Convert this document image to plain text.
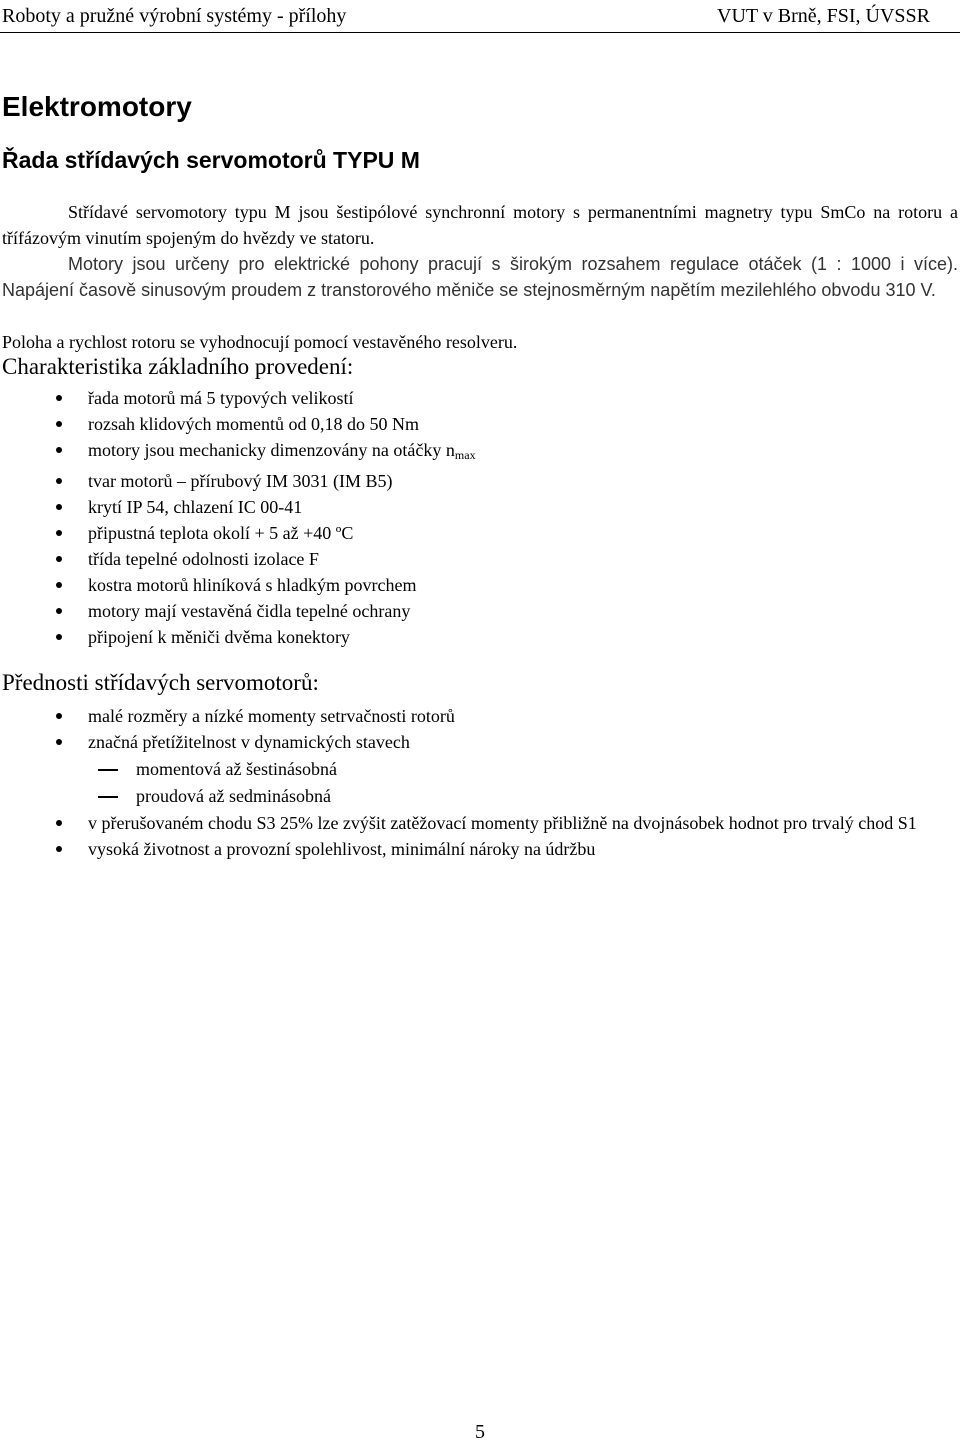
Roboty a pružné výrobní systémy - přílohy	VUT v Brně, FSI, ÚVSSR
Elektromotory
Řada střídavých servomotorů TYPU M

Střídavé servomotory typu M jsou šestipólové synchronní motory s permanentními magnetry typu SmCo na rotoru a třífázovým vinutím spojeným do hvězdy ve statoru.

Motory jsou určeny pro elektrické pohony pracují s širokým rozsahem regulace otáček (1 : 1000 i více). Napájení časově sinusovým proudem z transtorového měniče se stejnosměrným napětím mezilehlého obvodu 310 V.

Poloha a rychlost rotoru se vyhodnocují pomocí vestavěného resolveru.

Charakteristika základního provedení:
řada motorů má 5 typových velikostí
rozsah klidových momentů od 0,18 do 50 Nm
motory jsou mechanicky dimenzovány na otáčky $n_{max}$
tvar motorů – přírubový IM 3031 (IM B5)
krytí IP 54, chlazení IC 00-41
připustná teplota okolí + 5 až +40 ºC
třída tepelné odolnosti izolace F
kostra motorů hliníková s hladkým povrchem
motory mají vestavěná čidla tepelné ochrany
připojení k měniči dvěma konektory
Přednosti střídavých servomotorů:
malé rozměry a nízké momenty setrvačnosti rotorů
značná přetížitelnost v dynamických stavech
momentová až šestinásobná
proudová až sedminásobná
v přerušovaném chodu S3 25% lze zvýšit zatěžovací momenty přibližně na dvojnásobek hodnot pro trvalý chod S1
vysoká životnost a provozní spolehlivost, minimální nároky na údržbu
5
